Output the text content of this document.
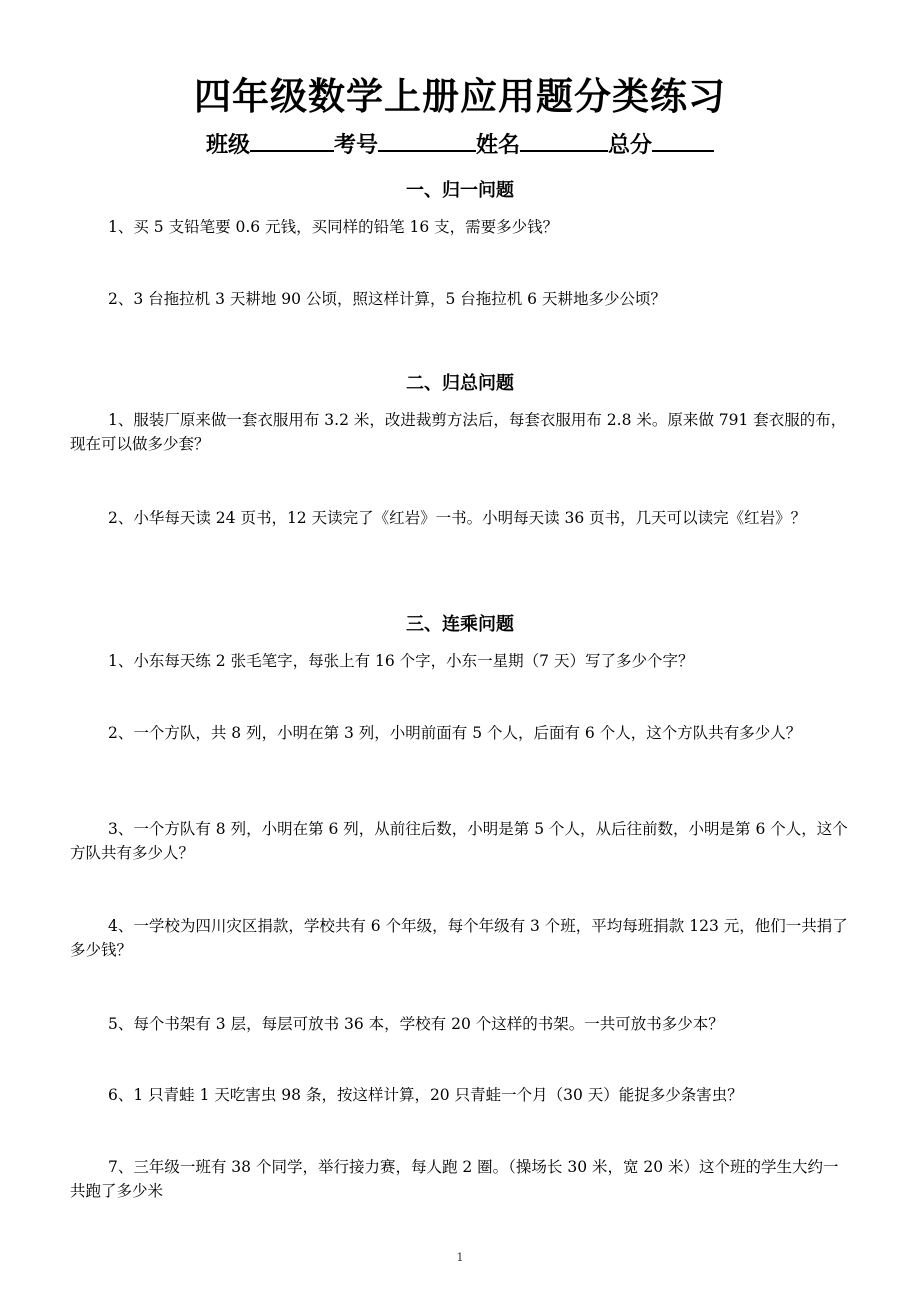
四年级数学上册应用题分类练习
班级	考号	姓名	总分
一、归一问题

1、买 5 支铅笔要 0.6 元钱，买同样的铅笔 16 支，需要多少钱？

2、3 台拖拉机 3 天耕地 90 公顷，照这样计算，5 台拖拉机 6 天耕地多少公顷？

二、归总问题

1、服装厂原来做一套衣服用布 3.2 米，改进裁剪方法后，每套衣服用布 2.8 米。原来做 791 套衣服的布，现在可以做多少套？

2、小华每天读 24 页书，12 天读完了《红岩》一书。小明每天读 36 页书，几天可以读完《红岩》？

三、连乘问题

1、小东每天练 2 张毛笔字，每张上有 16 个字，小东一星期（7 天）写了多少个字？

2、一个方队，共 8 列，小明在第 3 列，小明前面有 5 个人，后面有 6 个人，这个方队共有多少人？

3、一个方队有 8 列，小明在第 6 列，从前往后数，小明是第 5 个人，从后往前数，小明是第 6 个人，这个方队共有多少人？

4、一学校为四川灾区捐款，学校共有 6 个年级，每个年级有 3 个班，平均每班捐款 123 元，他们一共捐了多少钱？

5、每个书架有 3 层，每层可放书 36 本，学校有 20 个这样的书架。一共可放书多少本？

6、1 只青蛙 1 天吃害虫 98 条，按这样计算，20 只青蛙一个月（30 天）能捉多少条害虫？

7、三年级一班有 38 个同学，举行接力赛，每人跑 2 圈。（操场长 30 米，宽 20 米）这个班的学生大约一共跑了多少米

1
